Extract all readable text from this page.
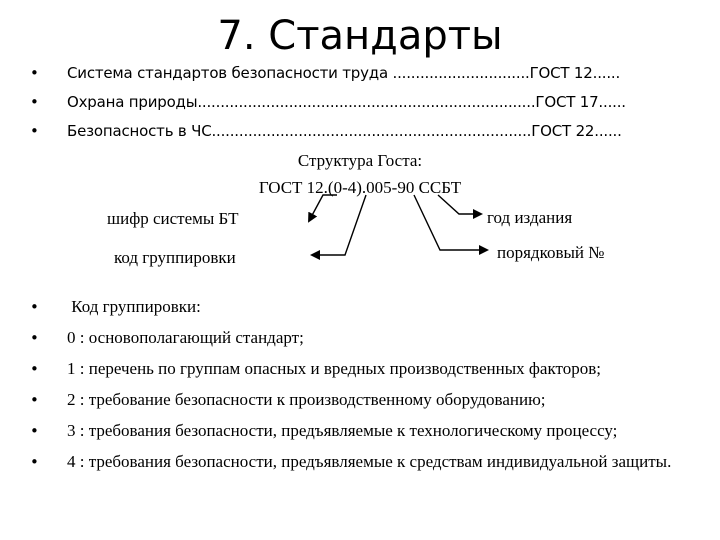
7. Стандарты
• Система стандартов безопасности труда ..............................ГОСТ 12......
• Охрана природы..........................................................................ГОСТ 17......
• Безопасность в ЧС......................................................................ГОСТ 22......
Структура Госта:
ГОСТ 12.(0-4).005-90 ССБТ
шифр системы БТ
код группировки
год издания
порядковый №
• Код группировки:
• 0 : основополагающий стандарт;
• 1 : перечень по группам опасных и вредных производственных факторов;
• 2 : требование безопасности к производственному оборудованию;
• 3 : требования безопасности, предъявляемые к технологическому процессу;
• 4 : требования безопасности, предъявляемые к средствам индивидуальной защиты.
